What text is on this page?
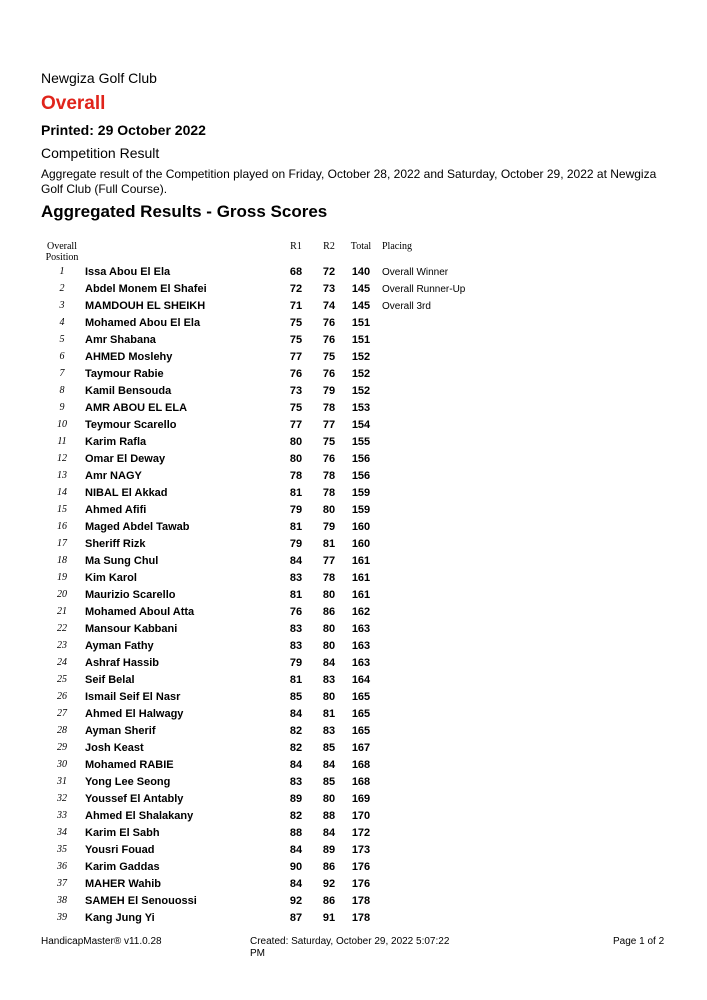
Newgiza Golf Club
Overall
Printed: 29 October 2022
Competition Result
Aggregate result of the Competition played on Friday, October 28, 2022 and Saturday, October 29, 2022 at Newgiza Golf Club (Full Course).
Aggregated Results - Gross Scores
Overall Position
R1	R2	Total	Placing
1	Issa Abou El Ela	68	72	140 Overall Winner
2	Abdel Monem El Shafei	72	73	145 Overall Runner-Up
3	MAMDOUH EL SHEIKH	71	74	145 Overall 3rd
4	Mohamed Abou El Ela	75	76	151
5	Amr Shabana	75	76	151
6	AHMED Moslehy	77	75	152
7	Taymour Rabie	76	76	152
8	Kamil Bensouda	73	79	152
9	AMR ABOU EL ELA	75	78	153
10	Teymour Scarello	77	77	154
11	Karim Rafla	80	75	155
12	Omar El Deway	80	76	156
13	Amr NAGY	78	78	156
14	NIBAL El Akkad	81	78	159
15	Ahmed Afifi	79	80	159
16	Maged Abdel Tawab	81	79	160
17	Sheriff Rizk	79	81	160
18	Ma Sung Chul	84	77	161
19	Kim Karol	83	78	161
20	Maurizio Scarello	81	80	161
21	Mohamed Aboul Atta	76	86	162
22	Mansour Kabbani	83	80	163
23	Ayman Fathy	83	80	163
24	Ashraf Hassib	79	84	163
25	Seif Belal	81	83	164
26	Ismail Seif El Nasr	85	80	165
27	Ahmed El Halwagy	84	81	165
28	Ayman Sherif	82	83	165
29	Josh Keast	82	85	167
30	Mohamed RABIE	84	84	168
31	Yong Lee Seong	83	85	168
32	Youssef El Antably	89	80	169
33	Ahmed El Shalakany	82	88	170
34	Karim El Sabh	88	84	172
35	Yousri Fouad	84	89	173
36	Karim Gaddas	90	86	176
37	MAHER Wahib	84	92	176
38	SAMEH El Senouossi	92	86	178
39	Kang Jung Yi	87	91	178
HandicapMaster® v11.0.28	Created: Saturday, October 29, 2022 5:07:22 PM
Page 1 of 2
